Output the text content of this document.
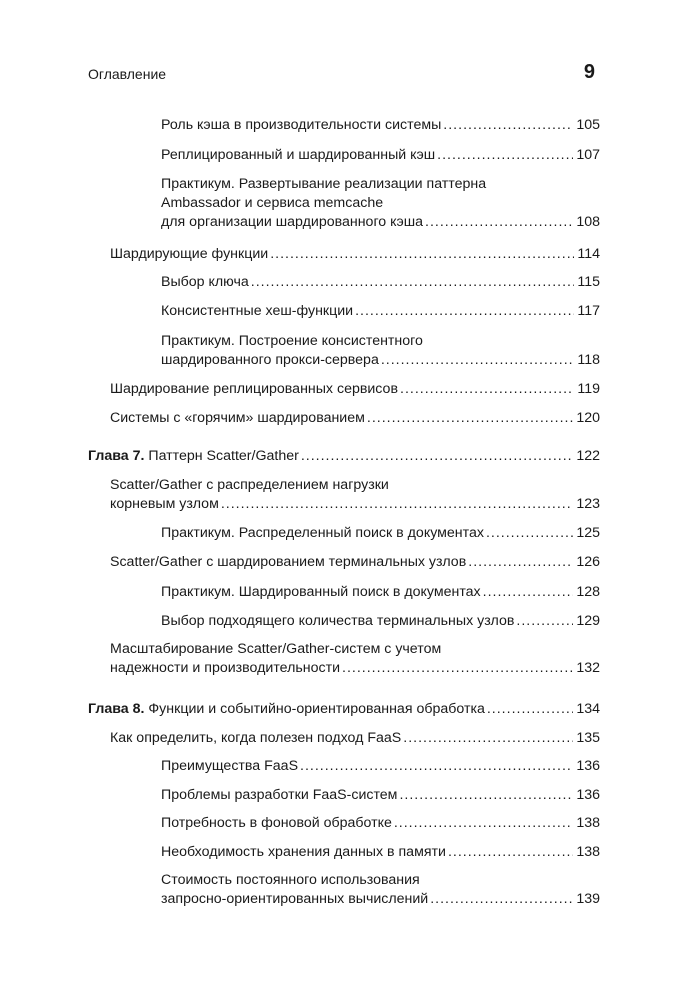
Оглавление	9
Роль кэша в производительности системы .....	105
Реплицированный и шардированный кэш .....	107
Практикум. Развертывание реализации паттерна
Ambassador и сервиса memcache
для организации шардированного кэша .....	108
Шардирующие функции .....	114
Выбор ключа .....	115
Консистентные хеш-функции .....	117
Практикум. Построение консистентного
шардированного прокси-сервера .....	118
Шардирование реплицированных сервисов .....	119
Системы с «горячим» шардированием .....	120
Глава 7. Паттерн Scatter/Gather .....	122
Scatter/Gather с распределением нагрузки
корневым узлом .....	123
Практикум. Распределенный поиск в документах .....	125
Scatter/Gather с шардированием терминальных узлов .....	126
Практикум. Шардированный поиск в документах .....	128
Выбор подходящего количества терминальных узлов .....	129
Масштабирование Scatter/Gather-систем с учетом
надежности и производительности .....	132
Глава 8. Функции и событийно-ориентированная обработка .....	134
Как определить, когда полезен подход FaaS .....	135
Преимущества FaaS .....	136
Проблемы разработки FaaS-систем .....	136
Потребность в фоновой обработке .....	138
Необходимость хранения данных в памяти .....	138
Стоимость постоянного использования
запросно-ориентированных вычислений .....	139
